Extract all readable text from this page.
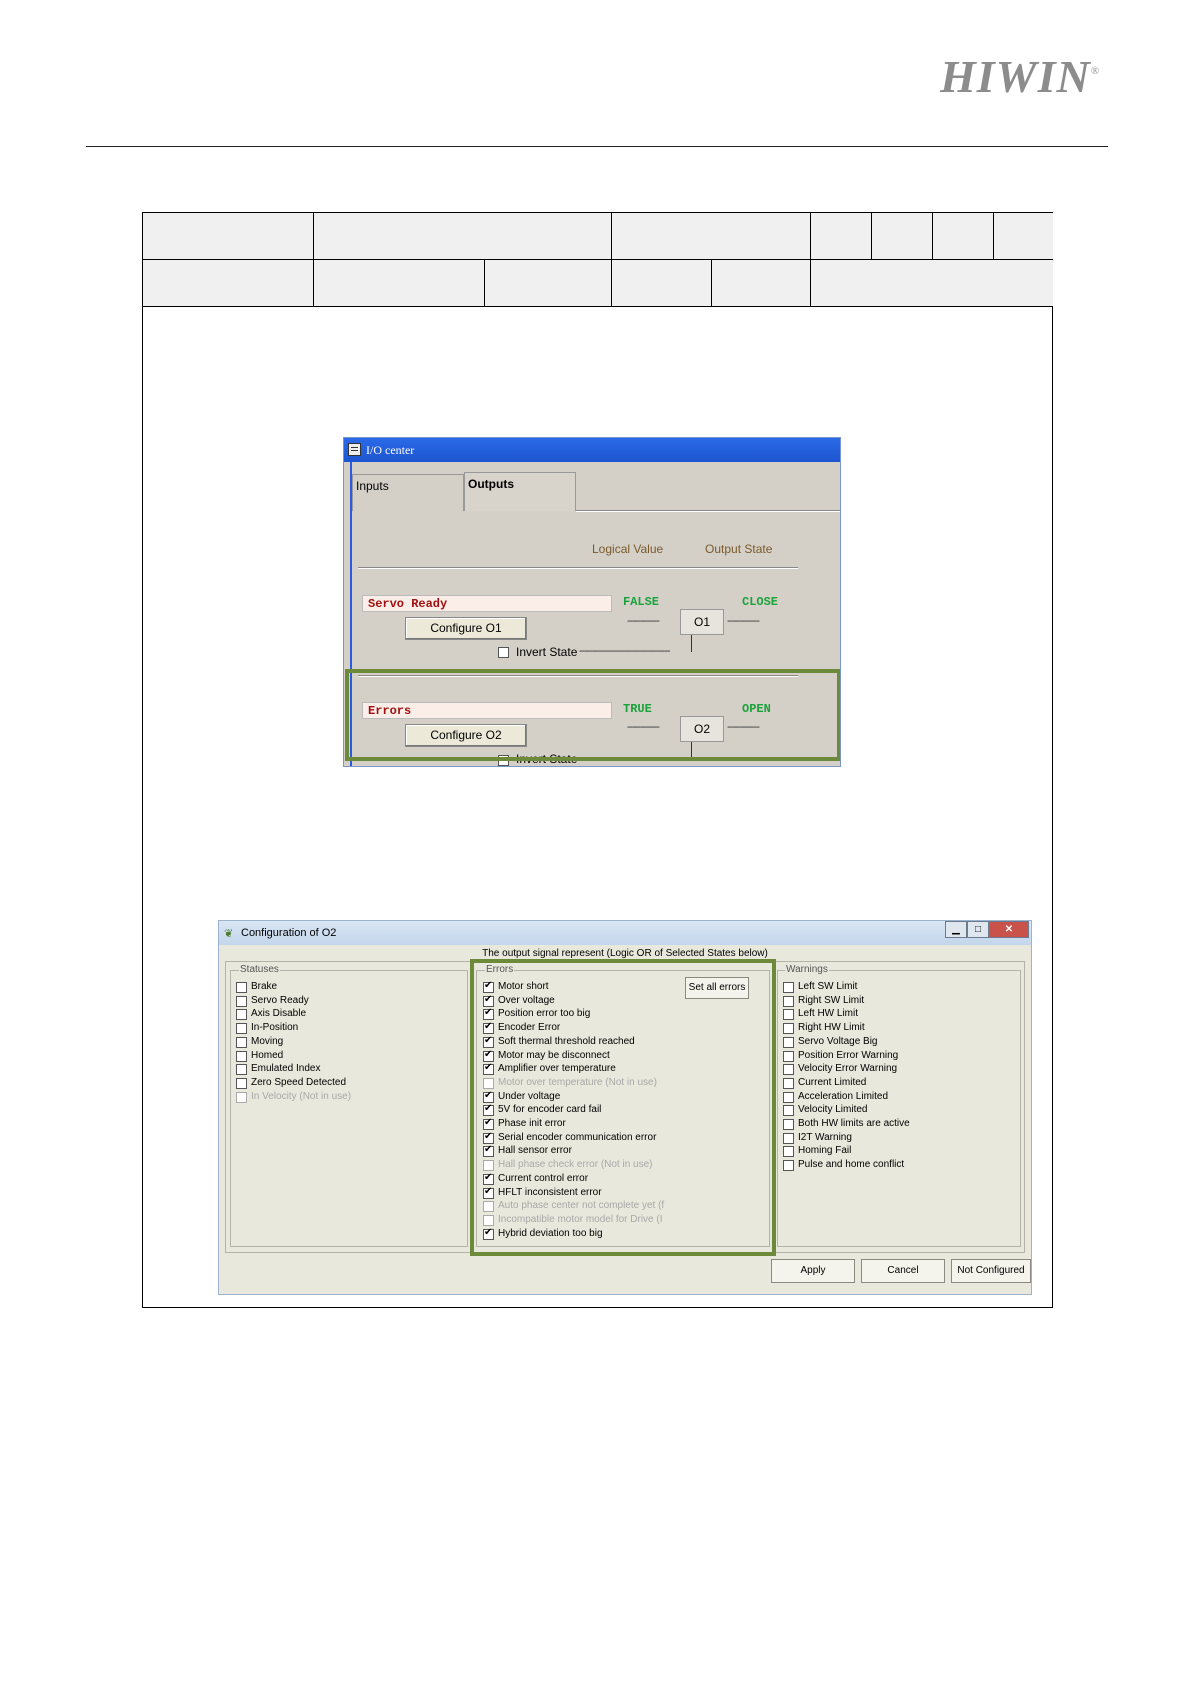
HIWIN®
I/O center
Inputs	Outputs
Logical Value	Output State
Servo Ready	FALSE	CLOSE
Configure O1	------------	O1	------------
Invert State ----------------------------------
Errors	TRUE	OPEN
Configure O2
------------	O2	------------
Invert State ----------------------------------
❦ Configuration of O2	▁	□	✕
The output signal represent (Logic OR of Selected States below)
Statuses
Brake
Servo Ready
Axis Disable
In-Position
Moving
Homed
Emulated Index
Zero Speed Detected
In Velocity (Not in use)
Errors
Set all errors
✔
Motor short
✔
Over voltage
✔
Position error too big
✔
Encoder Error
✔
Soft thermal threshold reached
✔
Motor may be disconnect
✔
Amplifier over temperature
Motor over temperature (Not in use)
✔
Under voltage
✔
5V for encoder card fail
✔
Phase init error
✔
Serial encoder communication error
✔
Hall sensor error
Hall phase check error (Not in use)
✔
Current control error
✔
HFLT inconsistent error
Auto phase center not complete yet (f
Incompatible motor model for Drive (I
✔
Hybrid deviation too big
Warnings
Left SW Limit
Right SW Limit
Left HW Limit
Right HW Limit
Servo Voltage Big
Position Error Warning
Velocity Error Warning
Current Limited
Acceleration Limited
Velocity Limited
Both HW limits are active
I2T Warning
Homing Fail
Pulse and home conflict
Apply	Cancel	Not Configured
